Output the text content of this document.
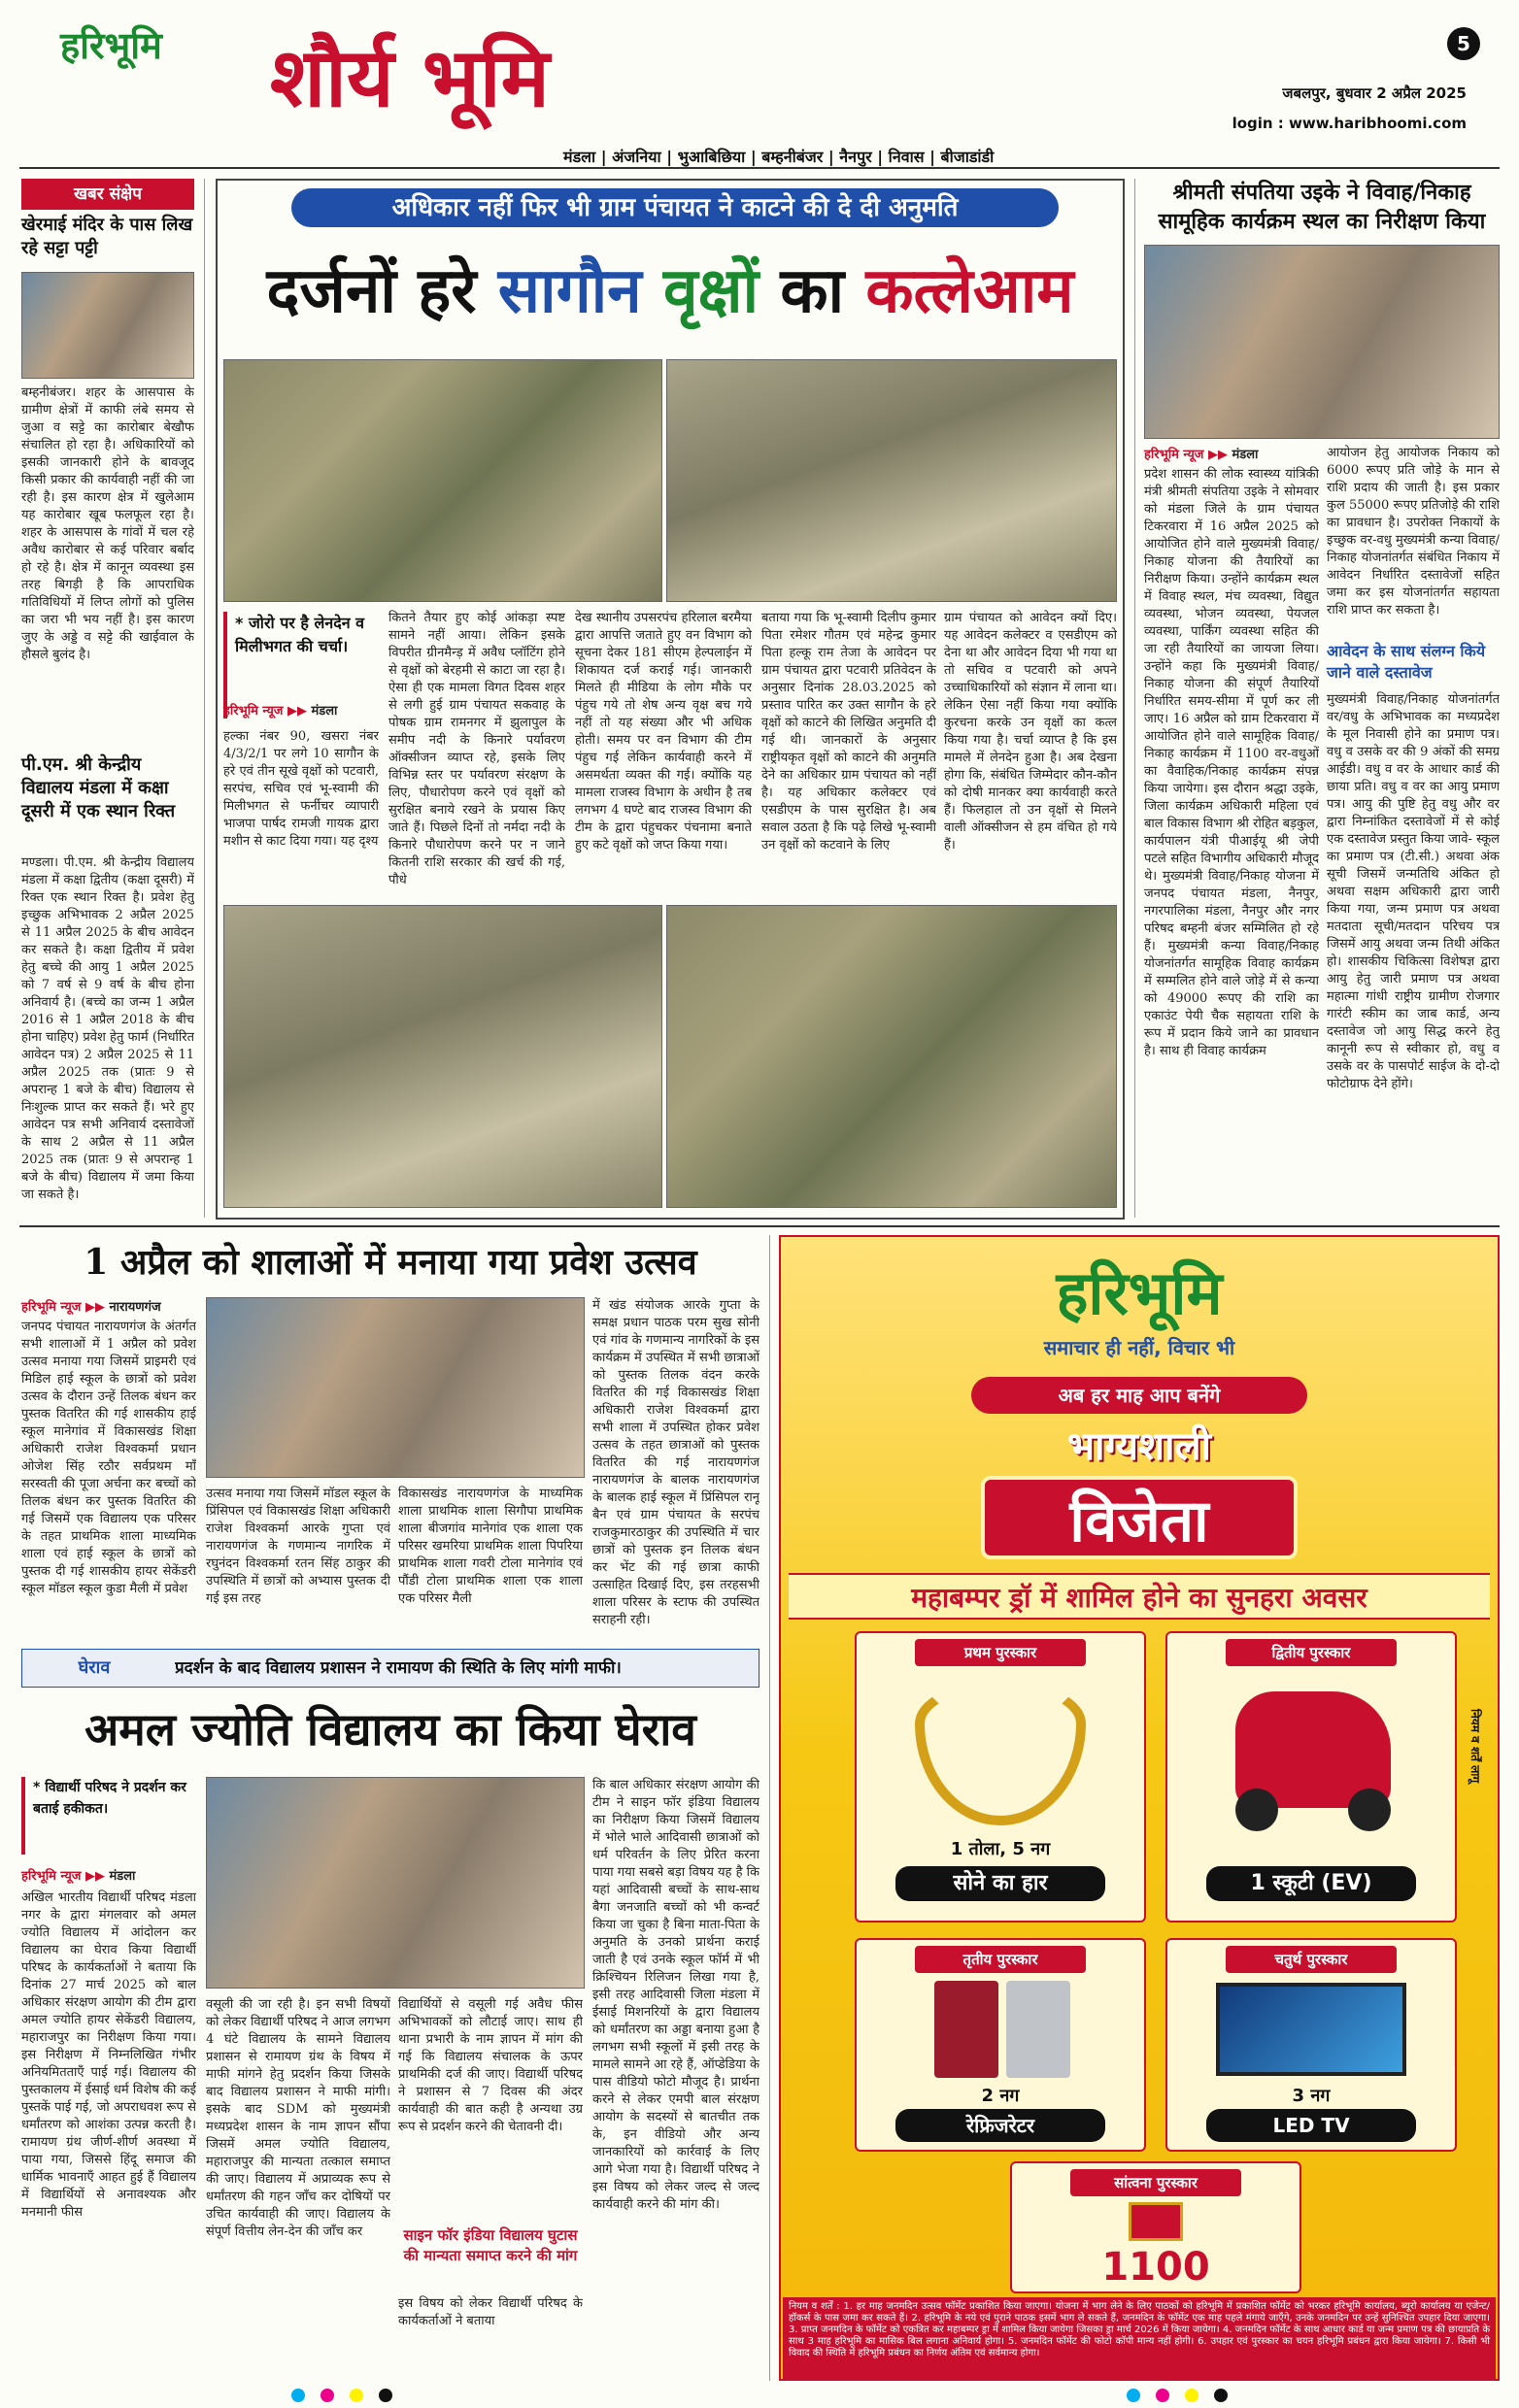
हरिभूमि शौर्य भूमि	5
जबलपुर, बुधवार 2 अप्रैल 2025
login : www.haribhoomi.com
मंडला | अंजनिया | भुआबिछिया | बम्हनीबंजर | नैनपुर | निवास | बीजाडांडी
खबर संक्षेप
खेरमाई मंदिर के पास लिख रहे सट्टा पट्टी
बम्हनीबंजर। शहर के आसपास के ग्रामीण क्षेत्रों में काफी लंबे समय से जुआ व सट्टे का कारोबार बेखौफ संचालित हो रहा है। अधिकारियों को इसकी जानकारी होने के बावजूद किसी प्रकार की कार्यवाही नहीं की जा रही है। इस कारण क्षेत्र में खुलेआम यह कारोबार खूब फलफूल रहा है। शहर के आसपास के गांवों में चल रहे अवैध कारोबार से कई परिवार बर्बाद हो रहे है। क्षेत्र में कानून व्यवस्था इस तरह बिगड़ी है कि आपराधिक गतिविधियों में लिप्त लोगों को पुलिस का जरा भी भय नहीं है। इस कारण जुए के अड्डे व सट्टे की खाईवाल के हौसले बुलंद है।
पी.एम. श्री केन्द्रीय विद्यालय मंडला में कक्षा दूसरी में एक स्थान रिक्त
मण्डला। पी.एम. श्री केन्द्रीय विद्यालय मंडला में कक्षा द्वितीय (कक्षा दूसरी) में रिक्त एक स्थान रिक्त है। प्रवेश हेतु इच्छुक अभिभावक 2 अप्रैल 2025 से 11 अप्रैल 2025 के बीच आवेदन कर सकते है। कक्षा द्वितीय में प्रवेश हेतु बच्चे की आयु 1 अप्रैल 2025 को 7 वर्ष से 9 वर्ष के बीच होना अनिवार्य है। (बच्चे का जन्म 1 अप्रैल 2016 से 1 अप्रैल 2018 के बीच होना चाहिए) प्रवेश हेतु फार्म (निर्धारित आवेदन पत्र) 2 अप्रैल 2025 से 11 अप्रैल 2025 तक (प्रातः 9 से अपरान्ह 1 बजे के बीच) विद्यालय से निःशुल्क प्राप्त कर सकते हैं। भरे हुए आवेदन पत्र सभी अनिवार्य दस्तावेजों के साथ 2 अप्रैल से 11 अप्रैल 2025 तक (प्रातः 9 से अपरान्ह 1 बजे के बीच) विद्यालय में जमा किया जा सकते है।
अधिकार नहीं फिर भी ग्राम पंचायत ने काटने की दे दी अनुमति
दर्जनों हरे सागौन वृक्षों का कत्लेआम
* जोरो पर है लेनदेन व मिलीभगत की चर्चा।
हरिभूमि न्यूज ▶▶ मंडला
कितने तैयार हुए कोई आंकड़ा स्पष्ट सामने नहीं आया। लेकिन इसके विपरीत ग्रीनमैन्ड़ में अवैध प्लॉटिंग होने से वृक्षों को बेरहमी से काटा जा रहा है। ऐसा ही एक मामला विगत दिवस शहर से लगी हुई ग्राम पंचायत सकवाह के पोषक ग्राम रामनगर में झुलापुल के समीप नदी के किनारे पर्यावरण ऑक्सीजन व्याप्त रहे, इसके लिए विभिन्न स्तर पर पर्यावरण संरक्षण के लिए, पौधारोपण करने एवं वृक्षों को सुरक्षित बनाये रखने के प्रयास किए जाते हैं। पिछले दिनों तो नर्मदा नदी के किनारे पौधारोपण करने पर न जाने कितनी राशि सरकार की खर्च की गई, पौधे
हल्का नंबर 90, खसरा नंबर 4/3/2/1 पर लगे 10 सागौन के हरे एवं तीन सूखे वृक्षों को पटवारी, सरपंच, सचिव एवं भू-स्वामी की मिलीभगत से फर्नीचर व्यापारी भाजपा पार्षद रामजी गायक द्वारा मशीन से काट दिया गया। यह दृश्य
देख स्थानीय उपसरपंच हरिलाल बरमैया द्वारा आपत्ति जताते हुए वन विभाग को सूचना देकर 181 सीएम हेल्पलाईन में शिकायत दर्ज कराई गई। जानकारी मिलते ही मीडिया के लोग मौके पर पंहुच गये तो शेष अन्य वृक्ष बच गये नहीं तो यह संख्या और भी अधिक होती। समय पर वन विभाग की टीम पंहुच गई लेकिन कार्यवाही करने में असमर्थता व्यक्त की गई। क्योंकि यह मामला राजस्व विभाग के अधीन है तब लगभग 4 घण्टे बाद राजस्व विभाग की टीम के द्वारा पंहुचकर पंचनामा बनाते हुए कटे वृक्षों को जप्त किया गया।
बताया गया कि भू-स्वामी दिलीप कुमार पिता रमेशर गौतम एवं महेन्द्र कुमार पिता हल्कू राम तेजा के आवेदन पर ग्राम पंचायत द्वारा पटवारी प्रतिवेदन के अनुसार दिनांक 28.03.2025 को प्रस्ताव पारित कर उक्त सागौन के हरे वृक्षों को काटने की लिखित अनुमति दी गई थी। जानकारों के अनुसार राष्ट्रीयकृत वृक्षों को काटने की अनुमति देने का अधिकार ग्राम पंचायत को नहीं है। यह अधिकार कलेक्टर एवं एसडीएम के पास सुरक्षित है। अब सवाल उठता है कि पढ़े लिखे भू-स्वामी उन वृक्षों को कटवाने के लिए
ग्राम पंचायत को आवेदन क्यों दिए। यह आवेदन कलेक्टर व एसडीएम को देना था और आवेदन दिया भी गया था तो सचिव व पटवारी को अपने उच्चाधिकारियों को संज्ञान में लाना था। लेकिन ऐसा नहीं किया गया क्योंकि कुरचना करके उन वृक्षों का कत्ल किया गया है। चर्चा व्याप्त है कि इस मामले में लेनदेन हुआ है। अब देखना होगा कि, संबंधित जिम्मेदार कौन-कौन को दोषी मानकर क्या कार्यवाही करते हैं। फिलहाल तो उन वृक्षों से मिलने वाली ऑक्सीजन से हम वंचित हो गये हैं।
श्रीमती संपतिया उइके ने विवाह/निकाह सामूहिक कार्यक्रम स्थल का निरीक्षण किया
हरिभूमि न्यूज ▶▶ मंडला
प्रदेश शासन की लोक स्वास्थ्य यांत्रिकी मंत्री श्रीमती संपतिया उइके ने सोमवार को मंडला जिले के ग्राम पंचायत टिकरवारा में 16 अप्रैल 2025 को आयोजित होने वाले मुख्यमंत्री विवाह/निकाह योजना की तैयारियों का निरीक्षण किया। उन्होंने कार्यक्रम स्थल में विवाह स्थल, मंच व्यवस्था, विद्युत व्यवस्था, भोजन व्यवस्था, पेयजल व्यवस्था, पार्किंग व्यवस्था सहित की जा रही तैयारियों का जायजा लिया। उन्होंने कहा कि मुख्यमंत्री विवाह/निकाह योजना की संपूर्ण तैयारियों निर्धारित समय-सीमा में पूर्ण कर ली जाए। 16 अप्रैल को ग्राम टिकरवारा में आयोजित होने वाले सामूहिक विवाह/निकाह कार्यक्रम में 1100 वर-वधुओं का वैवाहिक/निकाह कार्यक्रम संपन्न किया जायेगा। इस दौरान श्रद्धा उइके, जिला कार्यक्रम अधिकारी महिला एवं बाल विकास विभाग श्री रोहित बड़कुल, कार्यपालन यंत्री पीआईयू श्री जेपी पटले सहित विभागीय अधिकारी मौजूद थे। मुख्यमंत्री विवाह/निकाह योजना में जनपद पंचायत मंडला, नैनपुर, नगरपालिका मंडला, नैनपुर और नगर परिषद बम्हनी बंजर सम्मिलित हो रहे हैं। मुख्यमंत्री कन्या विवाह/निकाह योजनांतर्गत सामूहिक विवाह कार्यक्रम में सम्मलित होने वाले जोड़े में से कन्या को 49000 रूपए की राशि का एकाउंट पेयी चैक सहायता राशि के रूप में प्रदान किये जाने का प्रावधान है। साथ ही विवाह कार्यक्रम
आयोजन हेतु आयोजक निकाय को 6000 रूपए प्रति जोड़े के मान से राशि प्रदाय की जाती है। इस प्रकार कुल 55000 रूपए प्रतिजोड़े की राशि का प्रावधान है। उपरोक्त निकायों के इच्छुक वर-वधु मुख्यमंत्री कन्या विवाह/निकाह योजनांतर्गत संबंधित निकाय में आवेदन निर्धारित दस्तावेजों सहित जमा कर इस योजनांतर्गत सहायता राशि प्राप्त कर सकता है।
आवेदन के साथ संलग्न किये जाने वाले दस्तावेज
मुख्यमंत्री विवाह/निकाह योजनांतर्गत वर/वधु के अभिभावक का मध्यप्रदेश के मूल निवासी होने का प्रमाण पत्र। वधु व उसके वर की 9 अंकों की समग्र आईडी। वधु व वर के आधार कार्ड की छाया प्रति। वधु व वर का आयु प्रमाण पत्र। आयु की पुष्टि हेतु वधु और वर द्वारा निम्नांकित दस्तावेजों में से कोई एक दस्तावेज प्रस्तुत किया जावे- स्कूल का प्रमाण पत्र (टी.सी.) अथवा अंक सूची जिसमें जन्मतिथि अंकित हो अथवा सक्षम अधिकारी द्वारा जारी किया गया, जन्म प्रमाण पत्र अथवा मतदाता सूची/मतदान परिचय पत्र जिसमें आयु अथवा जन्म तिथी अंकित हो। शासकीय चिकित्सा विशेषज्ञ द्वारा आयु हेतु जारी प्रमाण पत्र अथवा महात्मा गांधी राष्ट्रीय ग्रामीण रोजगार गारंटी स्कीम का जाब कार्ड, अन्य दस्तावेज जो आयु सिद्ध करने हेतु कानूनी रूप से स्वीकार हो, वधु व उसके वर के पासपोर्ट साईज के दो-दो फोटोग्राफ देने होंगे।
1 अप्रैल को शालाओं में मनाया गया प्रवेश उत्सव
हरिभूमि न्यूज ▶▶ नारायणगंज
जनपद पंचायत नारायणगंज के अंतर्गत सभी शालाओं में 1 अप्रैल को प्रवेश उत्सव मनाया गया जिसमें प्राइमरी एवं मिडिल हाई स्कूल के छात्रों को प्रवेश उत्सव के दौरान उन्हें तिलक बंधन कर पुस्तक वितरित की गई शासकीय हाई स्कूल मानेगांव में विकासखंड शिक्षा अधिकारी राजेश विश्वकर्मा प्रधान ओजेश सिंह रठौर सर्वप्रथम माँ सरस्वती की पूजा अर्चना कर बच्चों को तिलक बंधन कर पुस्तक वितरित की गई जिसमें एक विद्यालय एक परिसर के तहत प्राथमिक शाला माध्यमिक शाला एवं हाई स्कूल के छात्रों को पुस्तक दी गई शासकीय हायर सेकेंडरी स्कूल मॉडल स्कूल कुडा मैली में प्रवेश
उत्सव मनाया गया जिसमें मॉडल स्कूल के प्रिंसिपल एवं विकासखंड शिक्षा अधिकारी राजेश विश्वकर्मा आरके गुप्ता एवं नारायणगंज के गणमान्य नागरिक में रघुनंदन विश्वकर्मा रतन सिंह ठाकुर की उपस्थिति में छात्रों को अभ्यास पुस्तक दी गई इस तरह
विकासखंड नारायणगंज के माध्यमिक शाला प्राथमिक शाला सिगौपा प्राथमिक शाला बीजगांव मानेगांव एक शाला एक परिसर खमरिया प्राथमिक शाला पिपरिया प्राथमिक शाला गवरी टोला मानेगांव एवं पौंडी टोला प्राथमिक शाला एक शाला एक परिसर मैली
में खंड संयोजक आरके गुप्ता के समक्ष प्रधान पाठक परम सुख सोनी एवं गांव के गणमान्य नागरिकों के इस कार्यक्रम में उपस्थित में सभी छात्राओं को पुस्तक तिलक वंदन करके वितरित की गई विकासखंड शिक्षा अधिकारी राजेश विश्वकर्मा द्वारा सभी शाला में उपस्थित होकर प्रवेश उत्सव के तहत छात्राओं को पुस्तक वितरित की गई नारायणगंज नारायणगंज के बालक नारायणगंज के बालक हाई स्कूल में प्रिंसिपल रानू बैन एवं ग्राम पंचायत के सरपंच राजकुमारठाकुर की उपस्थिति में चार छात्रों को पुस्तक इन तिलक बंधन कर भेंट की गई छात्रा काफी उत्साहित दिखाई दिए, इस तरहसभी शाला परिसर के स्टाफ की उपस्थित सराहनी रही।
घेराव	प्रदर्शन के बाद विद्यालय प्रशासन ने रामायण की स्थिति के लिए मांगी माफी।
अमल ज्योति विद्यालय का किया घेराव
* विद्यार्थी परिषद ने प्रदर्शन कर बताई हकीकत।
हरिभूमि न्यूज ▶▶ मंडला
अखिल भारतीय विद्यार्थी परिषद मंडला नगर के द्वारा मंगलवार को अमल ज्योति विद्यालय में आंदोलन कर विद्यालय का घेराव किया विद्यार्थी परिषद के कार्यकर्ताओं ने बताया कि दिनांक 27 मार्च 2025 को बाल अधिकार संरक्षण आयोग की टीम द्वारा अमल ज्योति हायर सेकेंडरी विद्यालय, महाराजपुर का निरीक्षण किया गया। इस निरीक्षण में निम्नलिखित गंभीर अनियमितताएँ पाई गई। विद्यालय की पुस्तकालय में ईसाई धर्म विशेष की कई पुस्तकें पाई गई, जो अपराधवश रूप से धर्मांतरण को आशंका उत्पन्न करती है। रामायण ग्रंथ जीर्ण-शीर्ण अवस्था में पाया गया, जिससे हिंदू समाज की धार्मिक भावनाएँ आहत हुई हैं विद्यालय में विद्यार्थियों से अनावश्यक और मनमानी फीस
वसूली की जा रही है। इन सभी विषयों को लेकर विद्यार्थी परिषद ने आज लगभग 4 घंटे विद्यालय के सामने विद्यालय प्रशासन से रामायण ग्रंथ के विषय में माफी मांगने हेतु प्रदर्शन किया जिसके बाद विद्यालय प्रशासन ने माफी मांगी। इसके बाद SDM को मुख्यमंत्री मध्यप्रदेश शासन के नाम ज्ञापन सौंपा जिसमें अमल ज्योति विद्यालय, महाराजपुर की मान्यता तत्काल समाप्त की जाए। विद्यालय में अप्राव्यक रूप से धर्मांतरण की गहन जाँच कर दोषियों पर उचित कार्यवाही की जाए। विद्यालय के संपूर्ण वित्तीय लेन-देन की जाँच कर
विद्यार्थियों से वसूली गई अवैध फीस अभिभावकों को लौटाई जाए। साथ ही थाना प्रभारी के नाम ज्ञापन में मांग की गई कि विद्यालय संचालक के ऊपर प्राथमिकी दर्ज की जाए। विद्यार्थी परिषद ने प्रशासन से 7 दिवस की अंदर कार्यवाही की बात कही है अन्यथा उग्र रूप से प्रदर्शन करने की चेतावनी दी।
साइन फॉर इंडिया विद्यालय घुटास की मान्यता समाप्त करने की मांग
इस विषय को लेकर विद्यार्थी परिषद के कार्यकर्ताओं ने बताया
कि बाल अधिकार संरक्षण आयोग की टीम ने साइन फॉर इंडिया विद्यालय का निरीक्षण किया जिसमें विद्यालय में भोले भाले आदिवासी छात्राओं को धर्म परिवर्तन के लिए प्रेरित करना पाया गया सबसे बड़ा विषय यह है कि यहां आदिवासी बच्चों के साथ-साथ बैगा जनजाति बच्चों को भी कन्वर्ट किया जा चुका है बिना माता-पिता के अनुमति के उनको प्रार्थना कराई जाती है एवं उनके स्कूल फॉर्म में भी क्रिश्चियन रिलिजन लिखा गया है, इसी तरह आदिवासी जिला मंडला में ईसाई मिशनरियों के द्वारा विद्यालय को धर्मांतरण का अड्डा बनाया हुआ है लगभग सभी स्कूलों में इसी तरह के मामले सामने आ रहे हैं, ऑप्डेडिया के पास वीडियो फोटो मौजूद है। प्रार्थना करने से लेकर एमपी बाल संरक्षण आयोग के सदस्यों से बातचीत तक के, इन वीडियो और अन्य जानकारियों को कार्रवाई के लिए आगे भेजा गया है। विद्यार्थी परिषद ने इस विषय को लेकर जल्द से जल्द कार्यवाही करने की मांग की।
हरिभूमि
समाचार ही नहीं, विचार भी
अब हर माह आप बनेंगे
भाग्यशाली
विजेता
महाबम्पर ड्रॉ में शामिल होने का सुनहरा अवसर
प्रथम पुरस्कार
1 तोला, 5 नग
सोने का हार
द्वितीय पुरस्कार
1 स्कूटी (EV)
तृतीय पुरस्कार
2 नग
रेफ्रिजरेटर
चतुर्थ पुरस्कार
3 नग
LED TV
सांत्वना पुरस्कार
1100
नियम व शर्तें लागू
नियम व शर्तें : 1. हर माह जनमदिन उत्सव फॉर्मेट प्रकाशित किया जाएगा। योजना में भाग लेने के लिए पाठकों को हरिभूमि में प्रकाशित फॉर्मेट को भरकर हरिभूमि कार्यालय, ब्यूरो कार्यालय या एजेन्ट/हॉकर्स के पास जमा कर सकते हैं। 2. हरिभूमि के नये एवं पुराने पाठक इसमें भाग ले सकते हैं, जनमदिन के फॉर्मेट एक माह पहले मंगाये जाएँगे, उनके जनमदिन पर उन्हें सुनिश्चित उपहार दिया जाएगा। 3. प्राप्त जनमदिन के फॉर्मेट को एकत्रित कर महाबम्पर ड्रा में शामिल किया जायेगा जिसका ड्रा मार्च 2026 में किया जायेगा। 4. जनमदिन फॉर्मेट के साथ आधार कार्ड या जन्म प्रमाण पत्र की छायाप्रति के साथ 3 माह हरिभूमि का मासिक बिल लगाना अनिवार्य होगा। 5. जनमदिन फॉर्मेट की फोटो कॉपी मान्य नहीं होगी। 6. उपहार एवं पुरस्कार का चयन हरिभूमि प्रबंधन द्वारा किया जायेगा। 7. किसी भी विवाद की स्थिति में हरिभूमि प्रबंधन का निर्णय अंतिम एवं सर्वमान्य होगा।
